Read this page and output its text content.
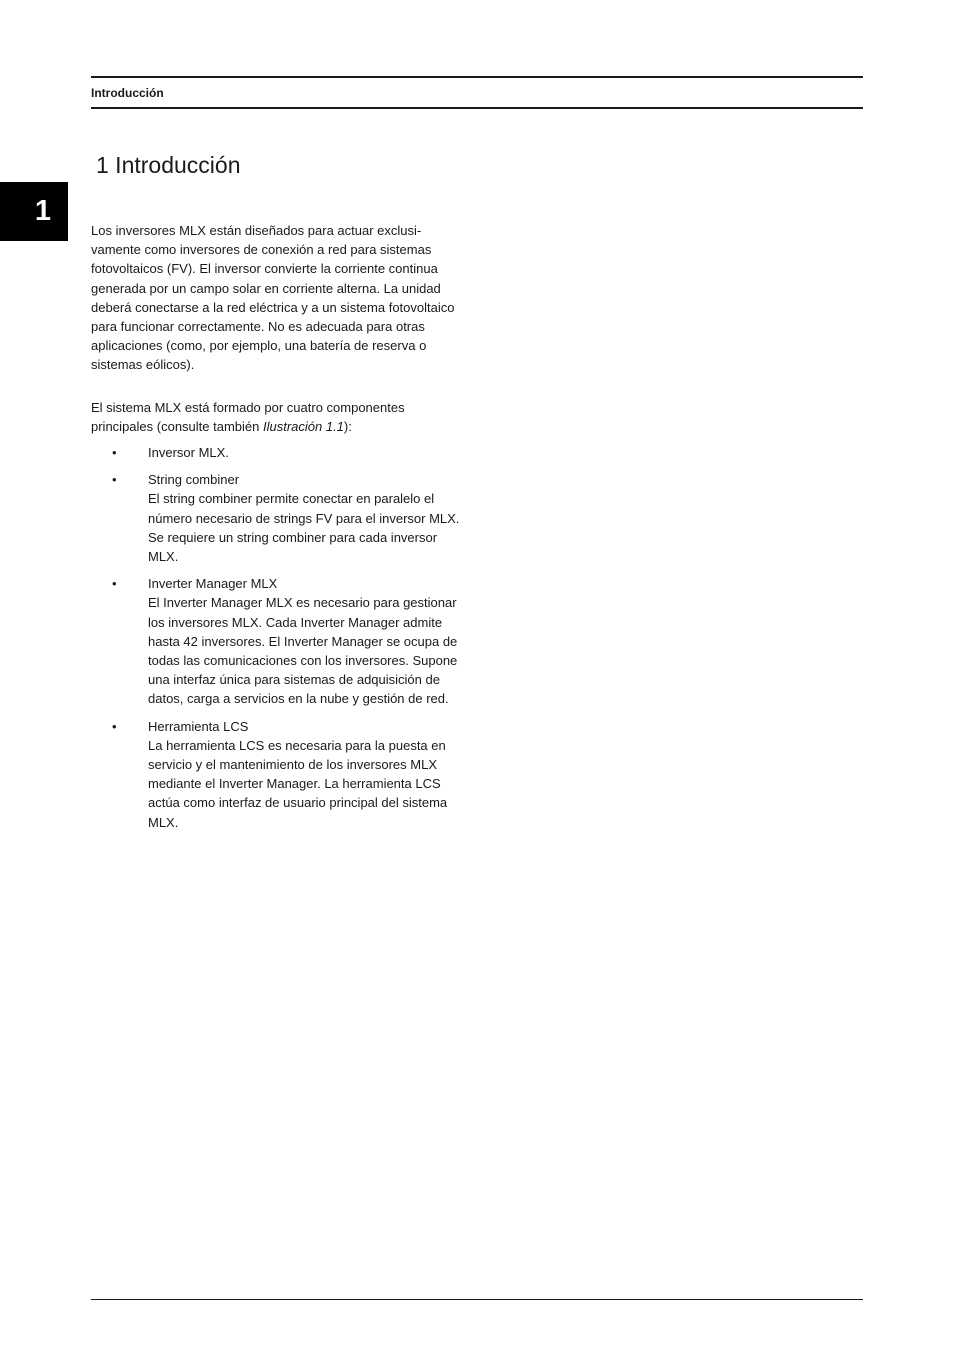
Introducción
1
1 Introducción

Los inversores MLX están diseñados para actuar exclusivamente como inversores de conexión a red para sistemas fotovoltaicos (FV). El inversor convierte la corriente continua generada por un campo solar en corriente alterna. La unidad deberá conectarse a la red eléctrica y a un sistema fotovoltaico para funcionar correctamente. No es adecuada para otras aplicaciones (como, por ejemplo, una batería de reserva o sistemas eólicos).

El sistema MLX está formado por cuatro componentes principales (consulte también Ilustración 1.1):

• Inversor MLX.
• String combiner
El string combiner permite conectar en paralelo el número necesario de strings FV para el inversor MLX. Se requiere un string combiner para cada inversor MLX.
• Inverter Manager MLX
El Inverter Manager MLX es necesario para gestionar los inversores MLX. Cada Inverter Manager admite hasta 42 inversores. El Inverter Manager se ocupa de todas las comunicaciones con los inversores. Supone una interfaz única para sistemas de adquisición de datos, carga a servicios en la nube y gestión de red.
• Herramienta LCS
La herramienta LCS es necesaria para la puesta en servicio y el mantenimiento de los inversores MLX mediante el Inverter Manager. La herramienta LCS actúa como interfaz de usuario principal del sistema MLX.
